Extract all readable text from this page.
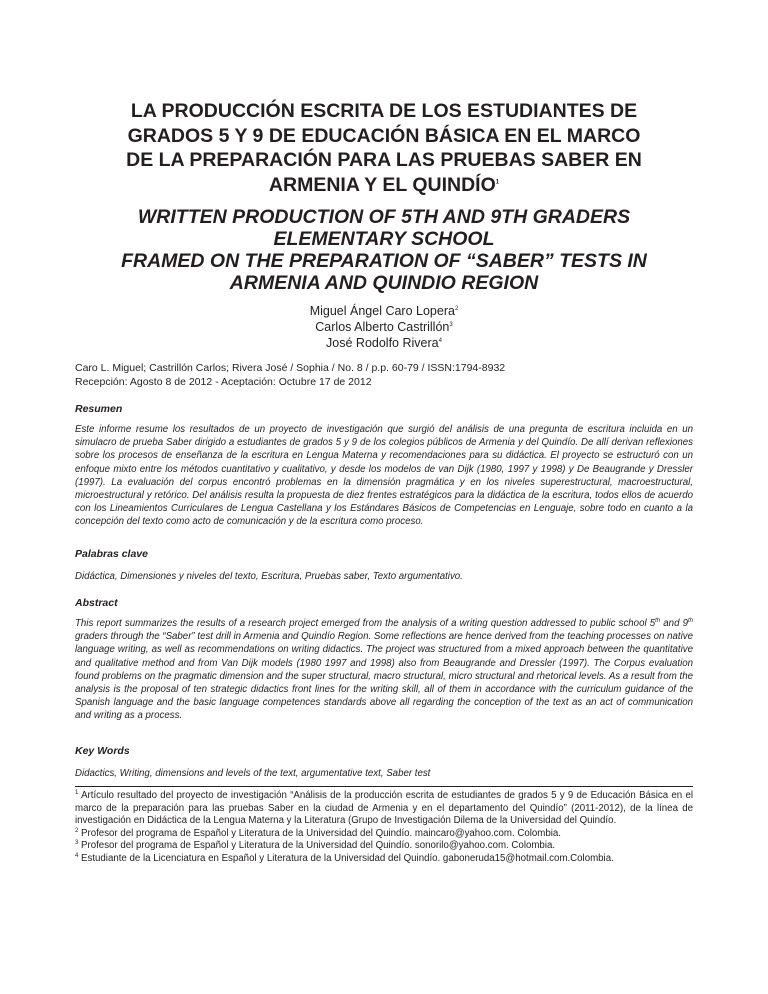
LA PRODUCCIÓN ESCRITA DE LOS ESTUDIANTES DE
GRADOS 5 Y 9 DE EDUCACIÓN BÁSICA EN EL MARCO
DE LA PREPARACIÓN PARA LAS PRUEBAS SABER EN
ARMENIA Y EL QUINDÍO$^1$
WRITTEN PRODUCTION OF 5TH AND 9TH GRADERS
ELEMENTARY SCHOOL
FRAMED ON THE PREPARATION OF “SABER” TESTS IN
ARMENIA AND QUINDIO REGION
Miguel Ángel Caro Lopera$^2$
Carlos Alberto Castrillón$^3$
José Rodolfo Rivera$^4$
Caro L. Miguel; Castrillón Carlos; Rivera José / Sophia / No. 8 / p.p. 60-79 / ISSN:1794-8932
Recepción: Agosto 8 de 2012 - Aceptación: Octubre 17 de 2012
Resumen

Este informe resume los resultados de un proyecto de investigación que surgió del análisis de una pregunta de escritura incluida en un simulacro de prueba Saber dirigido a estudiantes de grados 5 y 9 de los colegios públicos de Armenia y del Quindío. De allí derivan reflexiones sobre los procesos de enseñanza de la escritura en Lengua Materna y recomendaciones para su didáctica. El proyecto se estructuró con un enfoque mixto entre los métodos cuantitativo y cualitativo, y desde los modelos de van Dijk (1980, 1997 y 1998) y De Beaugrande y Dressler (1997). La evaluación del corpus encontró problemas en la dimensión pragmática y en los niveles superestructural, macroestructural, microestructural y retórico. Del análisis resulta la propuesta de diez frentes estratégicos para la didáctica de la escritura, todos ellos de acuerdo con los Lineamientos Curriculares de Lengua Castellana y los Estándares Básicos de Competencias en Lenguaje, sobre todo en cuanto a la concepción del texto como acto de comunicación y de la escritura como proceso.

Palabras clave

Didáctica, Dimensiones y niveles del texto, Escritura, Pruebas saber, Texto argumentativo.

Abstract

This report summarizes the results of a research project emerged from the analysis of a writing question addressed to public school 5th and 9th graders through the “Saber” test drill in Armenia and Quindío Region. Some reflections are hence derived from the teaching processes on native language writing, as well as recommendations on writing didactics. The project was structured from a mixed approach between the quantitative and qualitative method and from Van Dijk models (1980 1997 and 1998) also from Beaugrande and Dressler (1997). The Corpus evaluation found problems on the pragmatic dimension and the super structural, macro structural, micro structural and rhetorical levels. As a result from the analysis is the proposal of ten strategic didactics front lines for the writing skill, all of them in accordance with the curriculum guidance of the Spanish language and the basic language competences standards above all regarding the conception of the text as an act of communication and writing as a process.

Key Words

Didactics, Writing, dimensions and levels of the text, argumentative text, Saber test

$^1$ Artículo resultado del proyecto de investigación “Análisis de la producción escrita de estudiantes de grados 5 y 9 de Educación Básica en el marco de la preparación para las pruebas Saber en la ciudad de Armenia y en el departamento del Quindío” (2011-2012), de la línea de investigación en Didáctica de la Lengua Materna y la Literatura (Grupo de Investigación Dilema de la Universidad del Quindío.

$^2$ Profesor del programa de Español y Literatura de la Universidad del Quindío. maincaro@yahoo.com. Colombia.

$^3$ Profesor del programa de Español y Literatura de la Universidad del Quindío. sonorilo@yahoo.com. Colombia.

$^4$ Estudiante de la Licenciatura en Español y Literatura de la Universidad del Quindío. gaboneruda15@hotmail.com.Colombia.
